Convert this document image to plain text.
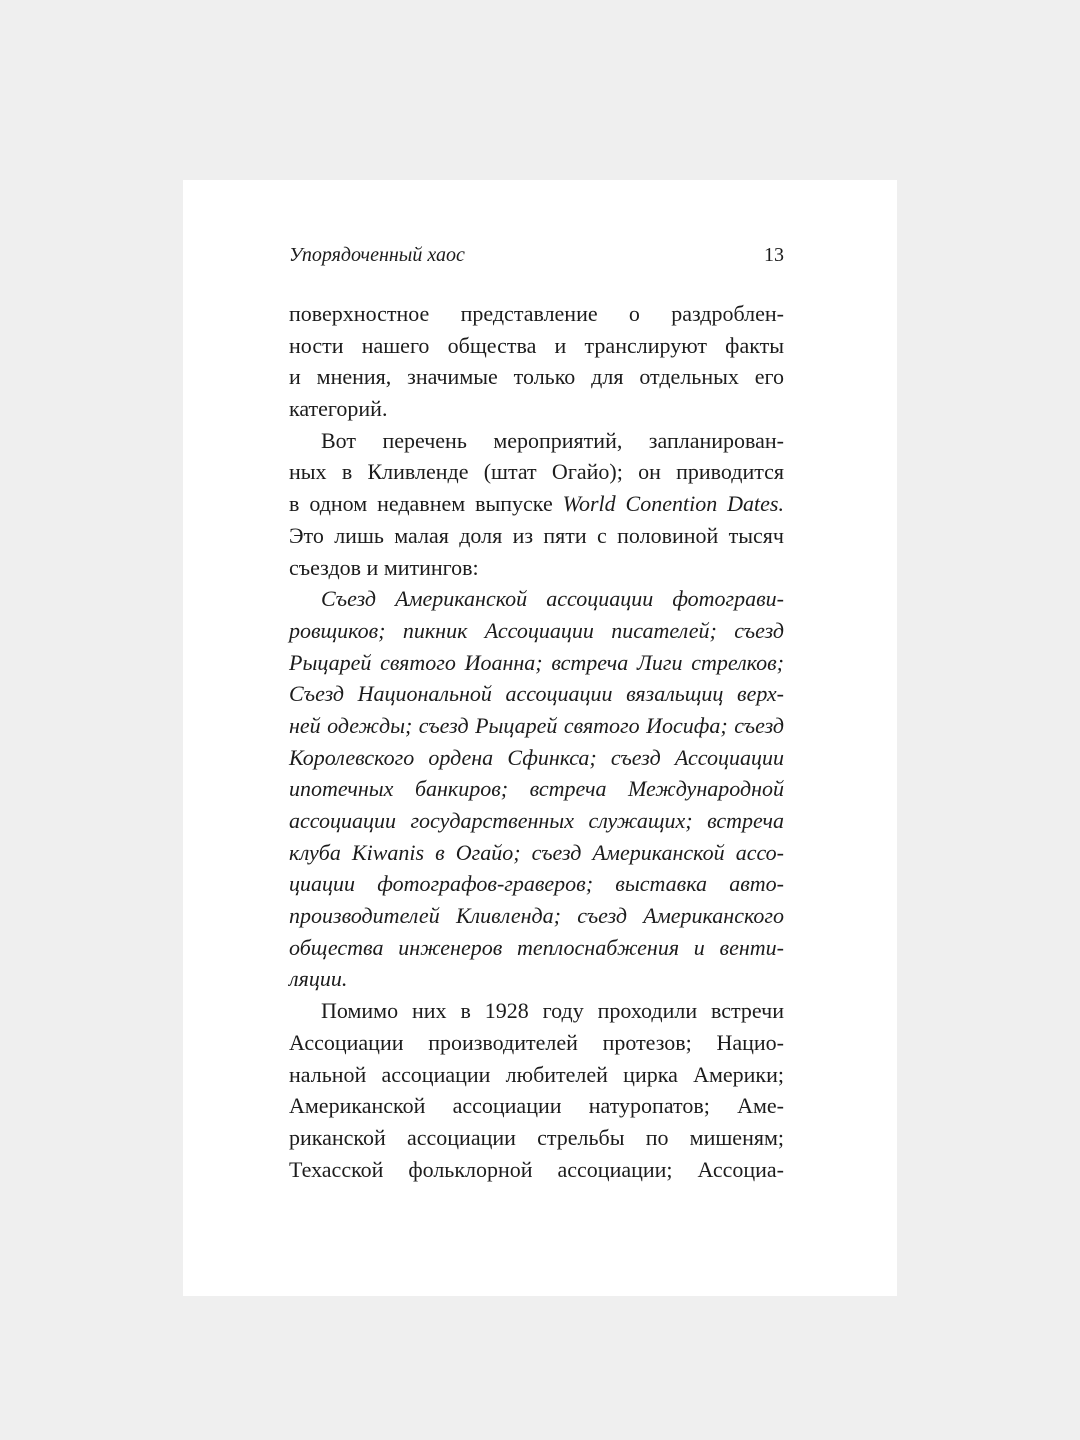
Упорядоченный хаос	13
поверхностное представление о раздроблен-
ности нашего общества и транслируют факты
и мнения, значимые только для отдельных его
категорий.
Вот перечень мероприятий, запланирован-
ных в Кливленде (штат Огайо); он приводится
в одном недавнем выпуске World Conention Dates.
Это лишь малая доля из пяти с половиной тысяч
съездов и митингов:
Съезд Американской ассоциации фотогрaви-
ровщиков; пикник Ассоциации писателей; съезд
Рыцарей святого Иоанна; встреча Лиги стрелков;
Съезд Национальной ассоциации вязальщиц верх-
ней одежды; съезд Рыцарей святого Иосифа; съезд
Королевского ордена Сфинкса; съезд Ассоциации
ипотечных банкиров; встреча Международной
ассоциации государственных служащих; встреча
клуба Kiwanis в Огайо; съезд Американской ассо-
циации фотографов-граверов; выставка авто-
производителей Кливленда; съезд Американского
общества инженеров теплоснабжения и венти-
ляции.
Помимо них в 1928 году проходили встречи
Ассоциации производителей протезов; Нацио-
нальной ассоциации любителей цирка Америки;
Американской ассоциации натуропатов; Аме-
риканской ассоциации стрельбы по мишеням;
Техасской фольклорной ассоциации; Ассоциа-
